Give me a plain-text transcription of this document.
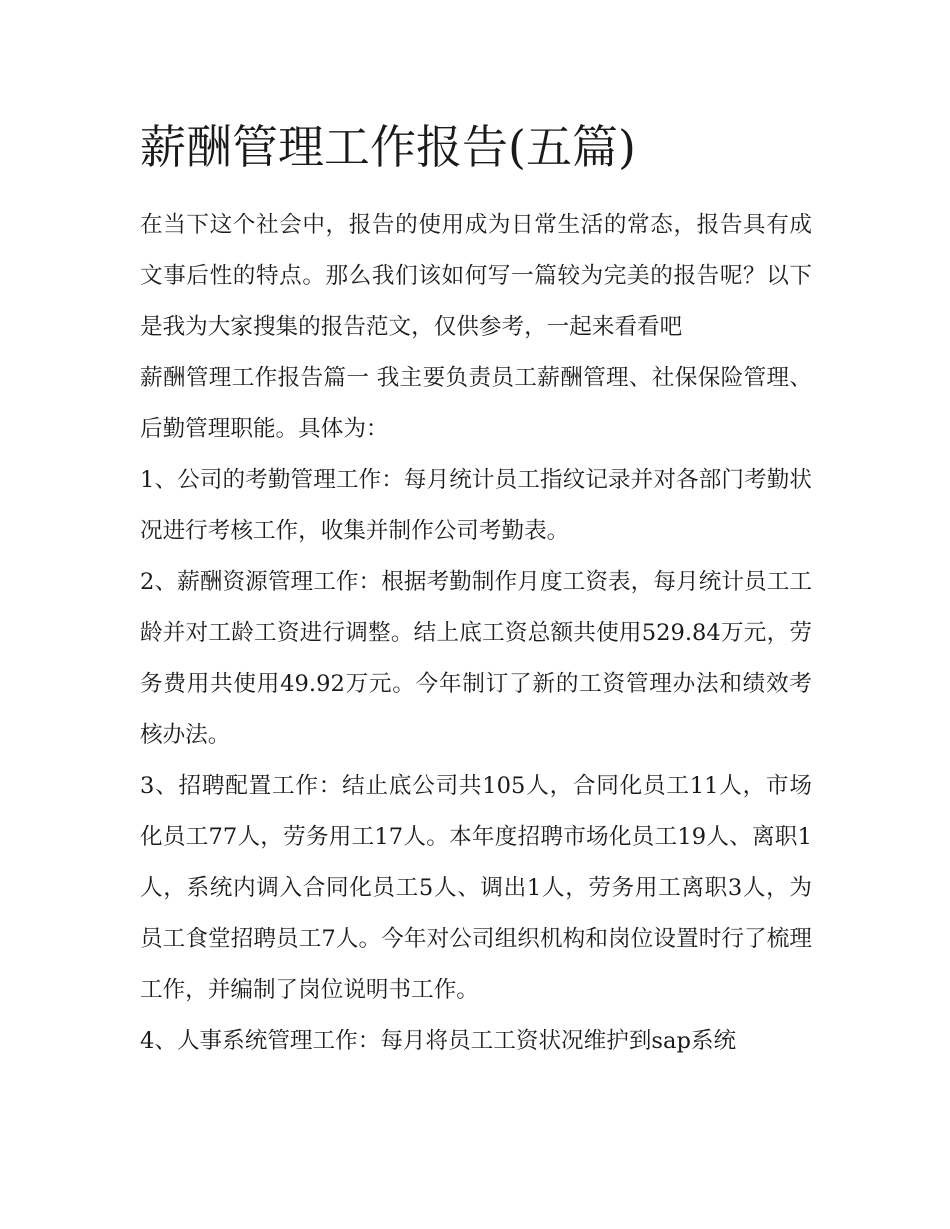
薪酬管理工作报告(五篇)

在当下这个社会中，报告的使用成为日常生活的常态，报告具有成文事后性的特点。那么我们该如何写一篇较为完美的报告呢？以下是我为大家搜集的报告范文，仅供参考，一起来看看吧

薪酬管理工作报告篇一 我主要负责员工薪酬管理、社保保险管理、后勤管理职能。具体为：

1、公司的考勤管理工作：每月统计员工指纹记录并对各部门考勤状况进行考核工作，收集并制作公司考勤表。

2、薪酬资源管理工作：根据考勤制作月度工资表，每月统计员工工龄并对工龄工资进行调整。结上底工资总额共使用529.84万元，劳务费用共使用49.92万元。今年制订了新的工资管理办法和绩效考核办法。

3、招聘配置工作：结止底公司共105人，合同化员工11人，市场化员工77人，劳务用工17人。本年度招聘市场化员工19人、离职1人，系统内调入合同化员工5人、调出1人，劳务用工离职3人，为员工食堂招聘员工7人。今年对公司组织机构和岗位设置时行了梳理工作，并编制了岗位说明书工作。

4、人事系统管理工作：每月将员工工资状况维护到sap系统
